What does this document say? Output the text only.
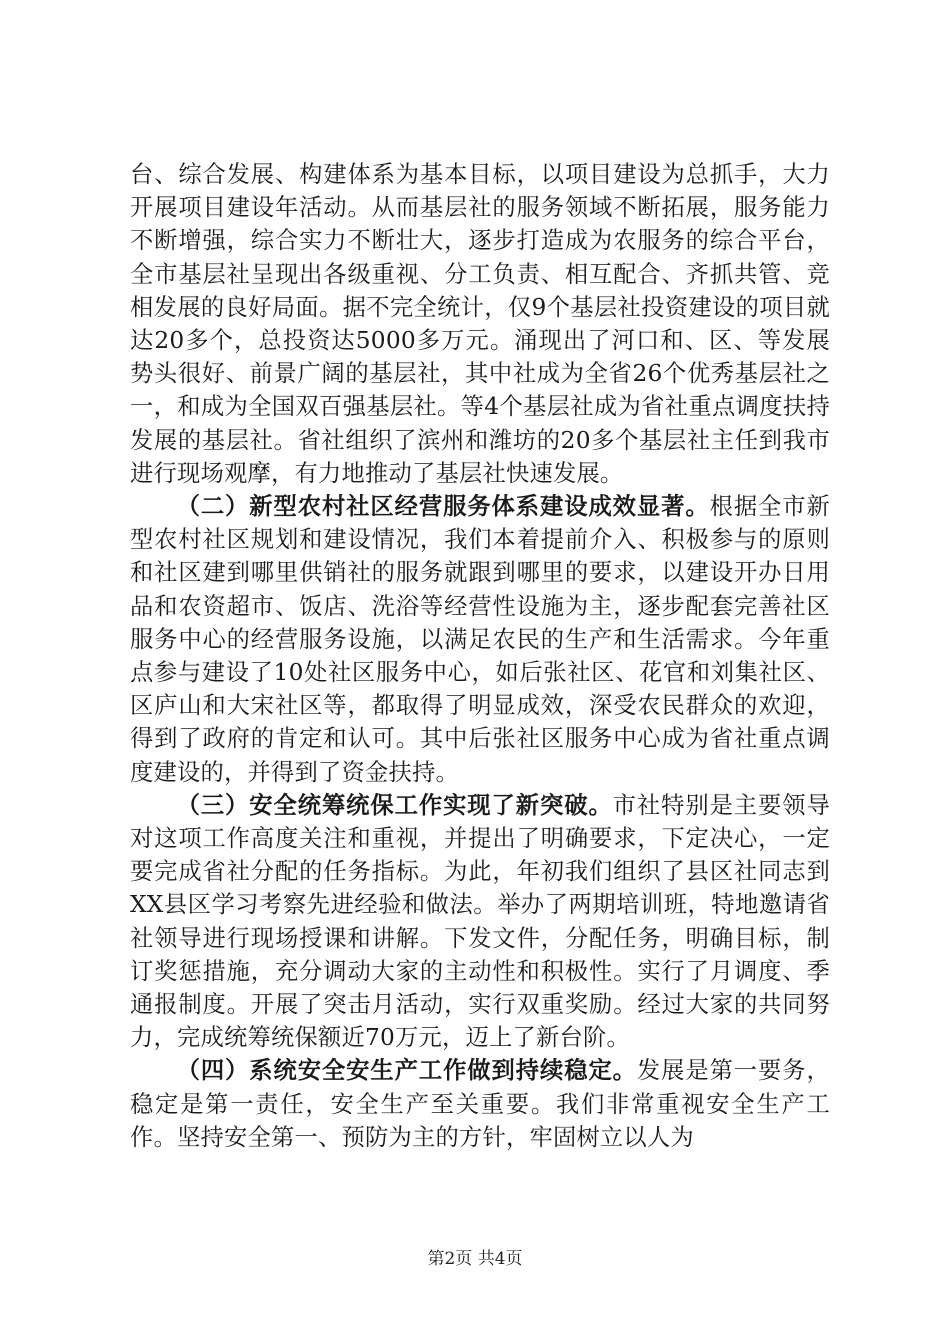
台、综合发展、构建体系为基本目标，以项目建设为总抓手，大力开展项目建设年活动。从而基层社的服务领域不断拓展，服务能力不断增强，综合实力不断壮大，逐步打造成为农服务的综合平台，全市基层社呈现出各级重视、分工负责、相互配合、齐抓共管、竞相发展的良好局面。据不完全统计，仅9个基层社投资建设的项目就达20多个，总投资达5000多万元。涌现出了河口和、区、等发展势头很好、前景广阔的基层社，其中社成为全省26个优秀基层社之一，和成为全国双百强基层社。等4个基层社成为省社重点调度扶持发展的基层社。省社组织了滨州和潍坊的20多个基层社主任到我市进行现场观摩，有力地推动了基层社快速发展。

（二）新型农村社区经营服务体系建设成效显著。根据全市新型农村社区规划和建设情况，我们本着提前介入、积极参与的原则和社区建到哪里供销社的服务就跟到哪里的要求，以建设开办日用品和农资超市、饭店、洗浴等经营性设施为主，逐步配套完善社区服务中心的经营服务设施，以满足农民的生产和生活需求。今年重点参与建设了10处社区服务中心，如后张社区、花官和刘集社区、区庐山和大宋社区等，都取得了明显成效，深受农民群众的欢迎，得到了政府的肯定和认可。其中后张社区服务中心成为省社重点调度建设的，并得到了资金扶持。

（三）安全统筹统保工作实现了新突破。市社特别是主要领导对这项工作高度关注和重视，并提出了明确要求，下定决心，一定要完成省社分配的任务指标。为此，年初我们组织了县区社同志到XX县区学习考察先进经验和做法。举办了两期培训班，特地邀请省社领导进行现场授课和讲解。下发文件，分配任务，明确目标，制订奖惩措施，充分调动大家的主动性和积极性。实行了月调度、季通报制度。开展了突击月活动，实行双重奖励。经过大家的共同努力，完成统筹统保额近70万元，迈上了新台阶。

（四）系统安全安生产工作做到持续稳定。发展是第一要务，稳定是第一责任，安全生产至关重要。我们非常重视安全生产工作。坚持安全第一、预防为主的方针，牢固树立以人为

第2页 共4页
